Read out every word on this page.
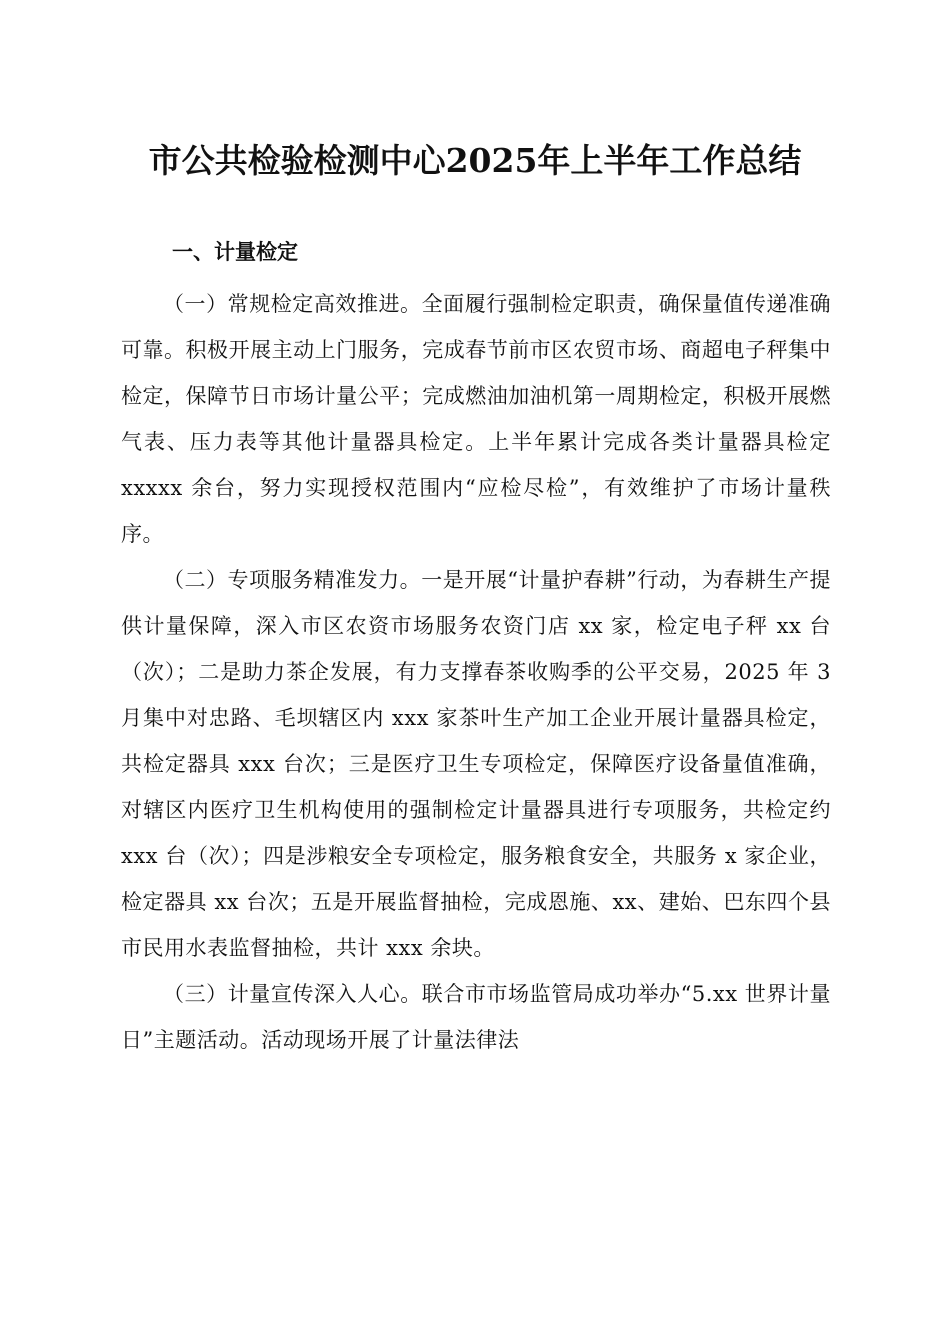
市公共检验检测中心2025年上半年工作总结
一、计量检定

（一）常规检定高效推进。全面履行强制检定职责，确保量值传递准确可靠。积极开展主动上门服务，完成春节前市区农贸市场、商超电子秤集中检定，保障节日市场计量公平；完成燃油加油机第一周期检定，积极开展燃气表、压力表等其他计量器具检定。上半年累计完成各类计量器具检定 xxxxx 余台，努力实现授权范围内“应检尽检”，有效维护了市场计量秩序。

（二）专项服务精准发力。一是开展“计量护春耕”行动，为春耕生产提供计量保障，深入市区农资市场服务农资门店 xx 家，检定电子秤 xx 台（次）；二是助力茶企发展，有力支撑春茶收购季的公平交易，2025 年 3 月集中对忠路、毛坝辖区内 xxx 家茶叶生产加工企业开展计量器具检定，共检定器具 xxx 台次；三是医疗卫生专项检定，保障医疗设备量值准确，对辖区内医疗卫生机构使用的强制检定计量器具进行专项服务，共检定约 xxx 台（次）；四是涉粮安全专项检定，服务粮食安全，共服务 x 家企业，检定器具 xx 台次；五是开展监督抽检，完成恩施、xx、建始、巴东四个县市民用水表监督抽检，共计 xxx 余块。

（三）计量宣传深入人心。联合市市场监管局成功举办“5.xx 世界计量日”主题活动。活动现场开展了计量法律法
